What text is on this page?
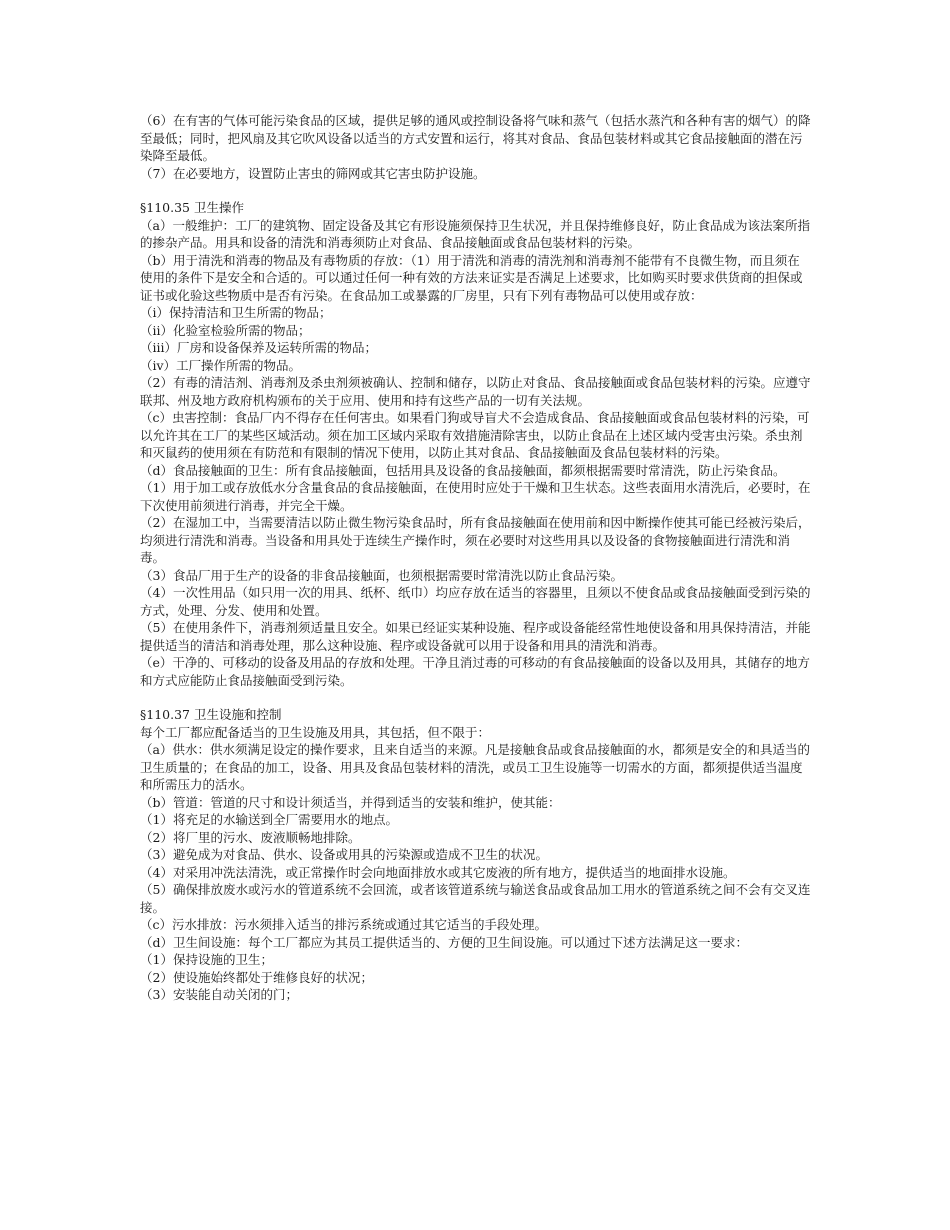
（6）在有害的气体可能污染食品的区域，提供足够的通风或控制设备将气味和蒸气（包括水蒸汽和各种有害的烟气）的降至最低；同时，把风扇及其它吹风设备以适当的方式安置和运行，将其对食品、食品包装材料或其它食品接触面的潜在污染降至最低。

（7）在必要地方，设置防止害虫的筛网或其它害虫防护设施。

§110.35 卫生操作

（a）一般维护：工厂的建筑物、固定设备及其它有形设施须保持卫生状况，并且保持维修良好，防止食品成为该法案所指的掺杂产品。用具和设备的清洗和消毒须防止对食品、食品接触面或食品包装材料的污染。

（b）用于清洗和消毒的物品及有毒物质的存放：（1）用于清洗和消毒的清洗剂和消毒剂不能带有不良微生物，而且须在使用的条件下是安全和合适的。可以通过任何一种有效的方法来证实是否满足上述要求，比如购买时要求供货商的担保或证书或化验这些物质中是否有污染。在食品加工或暴露的厂房里，只有下列有毒物品可以使用或存放：

（i）保持清洁和卫生所需的物品；

（ii）化验室检验所需的物品；

（iii）厂房和设备保养及运转所需的物品；

（iv）工厂操作所需的物品。

（2）有毒的清洁剂、消毒剂及杀虫剂须被确认、控制和储存，以防止对食品、食品接触面或食品包装材料的污染。应遵守联邦、州及地方政府机构颁布的关于应用、使用和持有这些产品的一切有关法规。

（c）虫害控制：食品厂内不得存在任何害虫。如果看门狗或导盲犬不会造成食品、食品接触面或食品包装材料的污染，可以允许其在工厂的某些区域活动。须在加工区域内采取有效措施清除害虫，以防止食品在上述区域内受害虫污染。杀虫剂和灭鼠药的使用须在有防范和有限制的情况下使用，以防止其对食品、食品接触面及食品包装材料的污染。

（d）食品接触面的卫生：所有食品接触面，包括用具及设备的食品接触面，都须根据需要时常清洗，防止污染食品。

（1）用于加工或存放低水分含量食品的食品接触面，在使用时应处于干燥和卫生状态。这些表面用水清洗后，必要时，在下次使用前须进行消毒，并完全干燥。

（2）在湿加工中，当需要清洁以防止微生物污染食品时，所有食品接触面在使用前和因中断操作使其可能已经被污染后，均须进行清洗和消毒。当设备和用具处于连续生产操作时，须在必要时对这些用具以及设备的食物接触面进行清洗和消毒。

（3）食品厂用于生产的设备的非食品接触面，也须根据需要时常清洗以防止食品污染。

（4）一次性用品（如只用一次的用具、纸杯、纸巾）均应存放在适当的容器里，且须以不使食品或食品接触面受到污染的方式，处理、分发、使用和处置。

（5）在使用条件下，消毒剂须适量且安全。如果已经证实某种设施、程序或设备能经常性地使设备和用具保持清洁，并能提供适当的清洁和消毒处理，那么这种设施、程序或设备就可以用于设备和用具的清洗和消毒。

（e）干净的、可移动的设备及用品的存放和处理。干净且消过毒的可移动的有食品接触面的设备以及用具，其储存的地方和方式应能防止食品接触面受到污染。

§110.37 卫生设施和控制

每个工厂都应配备适当的卫生设施及用具，其包括，但不限于：

（a）供水：供水须满足设定的操作要求，且来自适当的来源。凡是接触食品或食品接触面的水，都须是安全的和具适当的卫生质量的；在食品的加工，设备、用具及食品包装材料的清洗，或员工卫生设施等一切需水的方面，都须提供适当温度和所需压力的活水。

（b）管道：管道的尺寸和设计须适当，并得到适当的安装和维护，使其能：

（1）将充足的水输送到全厂需要用水的地点。

（2）将厂里的污水、废液顺畅地排除。

（3）避免成为对食品、供水、设备或用具的污染源或造成不卫生的状况。

（4）对采用冲洗法清洗，或正常操作时会向地面排放水或其它废液的所有地方，提供适当的地面排水设施。

（5）确保排放废水或污水的管道系统不会回流，或者该管道系统与输送食品或食品加工用水的管道系统之间不会有交叉连接。

（c）污水排放：污水须排入适当的排污系统或通过其它适当的手段处理。

（d）卫生间设施：每个工厂都应为其员工提供适当的、方便的卫生间设施。可以通过下述方法满足这一要求：

（1）保持设施的卫生；

（2）使设施始终都处于维修良好的状况；

（3）安装能自动关闭的门；
